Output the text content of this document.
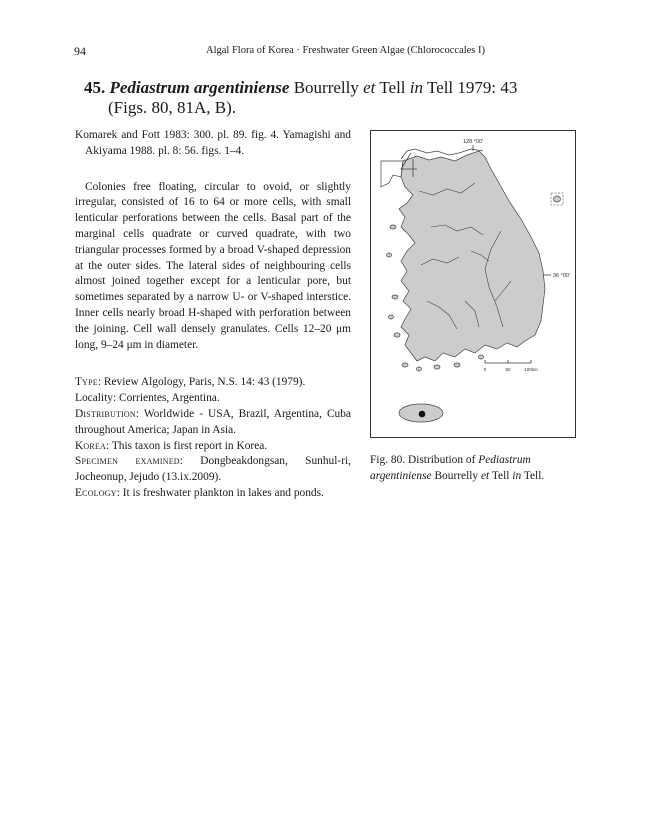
94	Algal Flora of Korea · Freshwater Green Algae (Chlorococcales I)
45. Pediastrum argentiniense Bourrelly et Tell in Tell 1979: 43
(Figs. 80, 81A, B).

Komarek and Fott 1983: 300. pl. 89. fig. 4. Yamagishi and Akiyama 1988. pl. 8: 56. figs. 1–4.

Colonies free floating, circular to ovoid, or slightly irregular, consisted of 16 to 64 or more cells, with small lenticular perforations between the cells. Basal part of the marginal cells quadrate or curved quadrate, with two triangular processes formed by a broad V-shaped depression at the outer sides. The lateral sides of neighbouring cells almost joined together except for a lenticular pore, but sometimes separated by a narrow U- or V-shaped interstice. Inner cells nearly broad H-shaped with perforation between the joining. Cell wall densely granulates. Cells 12–20 μm long, 9–24 μm in diameter.

Type: Review Algology, Paris, N.S. 14: 43 (1979).

Locality: Corrientes, Argentina.

Distribution: Worldwide - USA, Brazil, Argentina, Cuba throughout America; Japan in Asia.

Korea: This taxon is first report in Korea.

Specimen examined: Dongbeakdongsan, Sunhul-ri, Jocheonup, Jejudo (13.ix.2009).

Ecology: It is freshwater plankton in lakes and ponds.

128 °00'
36 °00'
0	50	100km
Fig. 80. Distribution of Pediastrum argentiniense Bourrelly et Tell in Tell.
